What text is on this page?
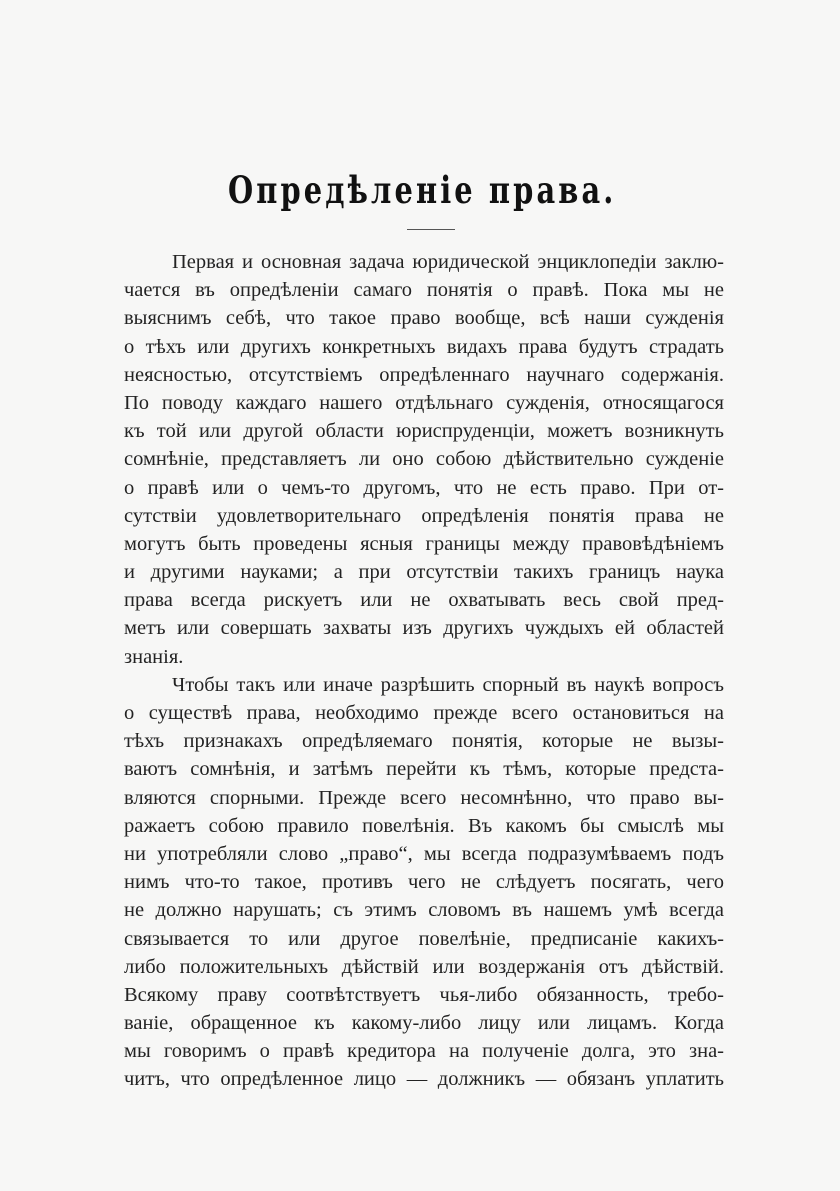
Опредѣленіе права.
Первая и основная задача юридической энциклопедіи заклю-
чается въ опредѣленіи самаго понятія о правѣ. Пока мы не
выяснимъ себѣ, что такое право вообще, всѣ наши сужденія
о тѣхъ или другихъ конкретныхъ видахъ права будутъ страдать
неясностью, отсутствіемъ опредѣленнаго научнаго содержанія.
По поводу каждаго нашего отдѣльнаго сужденія, относящагося
къ той или другой области юриспруденціи, можетъ возникнуть
сомнѣніе, представляетъ ли оно собою дѣйствительно сужденіе
о правѣ или о чемъ-то другомъ, что не есть право. При от-
сутствіи удовлетворительнаго опредѣленія понятія права не
могутъ быть проведены ясныя границы между правовѣдѣніемъ
и другими науками; а при отсутствіи такихъ границъ наука
права всегда рискуетъ или не охватывать весь свой пред-
метъ или совершать захваты изъ другихъ чуждыхъ ей областей
знанія.
Чтобы такъ или иначе разрѣшить спорный въ наукѣ вопросъ
о существѣ права, необходимо прежде всего остановиться на
тѣхъ признакахъ опредѣляемаго понятія, которые не вызы-
ваютъ сомнѣнія, и затѣмъ перейти къ тѣмъ, которые предста-
вляются спорными. Прежде всего несомнѣнно, что право вы-
ражаетъ собою правило повелѣнія. Въ какомъ бы смыслѣ мы
ни употребляли слово „право“, мы всегда подразумѣваемъ подъ
нимъ что-то такое, противъ чего не слѣдуетъ посягать, чего
не должно нарушать; съ этимъ словомъ въ нашемъ умѣ всегда
связывается то или другое повелѣніе, предписаніе какихъ-
либо положительныхъ дѣйствій или воздержанія отъ дѣйствій.
Всякому праву соотвѣтствуетъ чья-либо обязанность, требо-
ваніе, обращенное къ какому-либо лицу или лицамъ. Когда
мы говоримъ о правѣ кредитора на полученіе долга, это зна-
читъ, что опредѣленное лицо — должникъ — обязанъ уплатить
